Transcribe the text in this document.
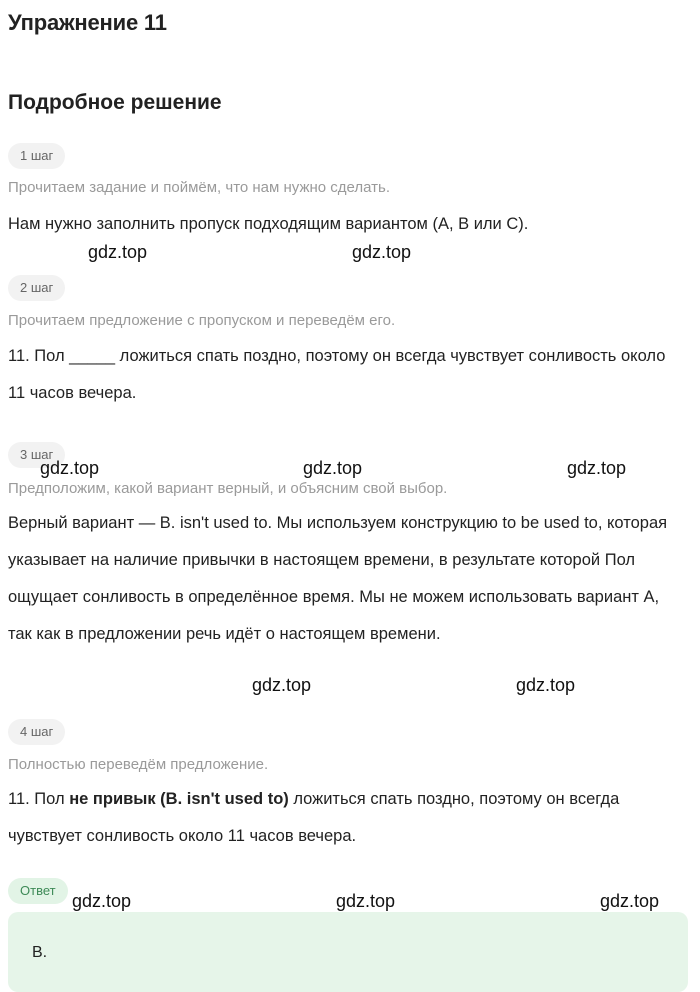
Упражнение 11
Подробное решение
1 шаг
Прочитаем задание и поймём, что нам нужно сделать.
Нам нужно заполнить пропуск подходящим вариантом (A, B или C).
2 шаг
Прочитаем предложение с пропуском и переведём его.
11. Пол _____ ложиться спать поздно, поэтому он всегда чувствует сонливость около 11 часов вечера.
3 шаг
Предположим, какой вариант верный, и объясним свой выбор.
Верный вариант — B. isn't used to. Мы используем конструкцию to be used to, которая указывает на наличие привычки в настоящем времени, в результате которой Пол ощущает сонливость в определённое время. Мы не можем использовать вариант A, так как в предложении речь идёт о настоящем времени.
4 шаг
Полностью переведём предложение.
11. Пол не привык (B. isn't used to) ложиться спать поздно, поэтому он всегда чувствует сонливость около 11 часов вечера.
Ответ
B.
gdz.top	gdz.top
gdz.top	gdz.top	gdz.top
gdz.top	gdz.top
gdz.top	gdz.top	gdz.top
